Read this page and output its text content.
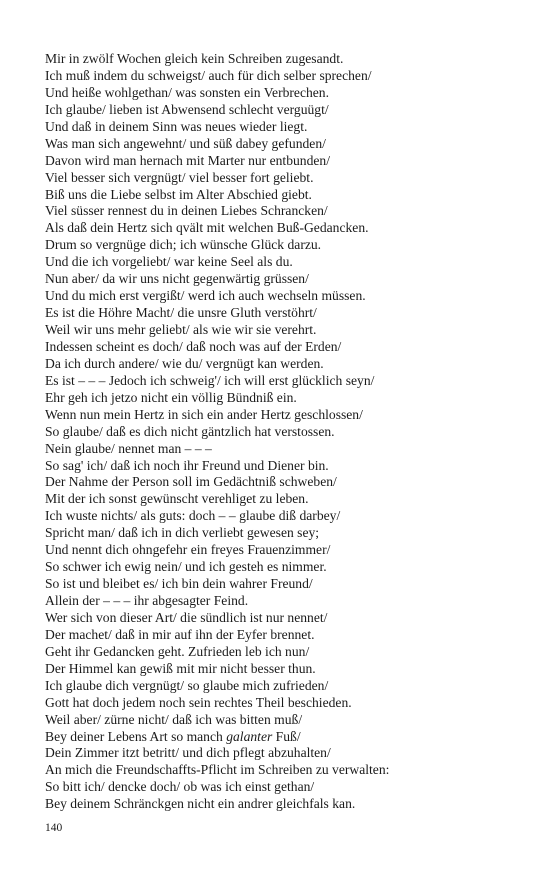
Mir in zwölf Wochen gleich kein Schreiben zugesandt.
Ich muß indem du schweigst/ auch für dich selber sprechen/
Und heiße wohlgethan/ was sonsten ein Verbrechen.
Ich glaube/ lieben ist Abwensend schlecht verguügt/
Und daß in deinem Sinn was neues wieder liegt.
Was man sich angewehnt/ und süß dabey gefunden/
Davon wird man hernach mit Marter nur entbunden/
Viel besser sich vergnügt/ viel besser fort geliebt.
Biß uns die Liebe selbst im Alter Abschied giebt.
Viel süsser rennest du in deinen Liebes Schrancken/
Als daß dein Hertz sich qvält mit welchen Buß-Gedancken.
Drum so vergnüge dich; ich wünsche Glück darzu.
Und die ich vorgeliebt/ war keine Seel als du.
Nun aber/ da wir uns nicht gegenwärtig grüssen/
Und du mich erst vergißt/ werd ich auch wechseln müssen.
Es ist die Höhre Macht/ die unsre Gluth verstöhrt/
Weil wir uns mehr geliebt/ als wie wir sie verehrt.
Indessen scheint es doch/ daß noch was auf der Erden/
Da ich durch andere/ wie du/ vergnügt kan werden.
Es ist – – – Jedoch ich schweig'/ ich will erst glücklich seyn/
Ehr geh ich jetzo nicht ein völlig Bündniß ein.
Wenn nun mein Hertz in sich ein ander Hertz geschlossen/
So glaube/ daß es dich nicht gäntzlich hat verstossen.
Nein glaube/ nennet man – – –
So sag' ich/ daß ich noch ihr Freund und Diener bin.
Der Nahme der Person soll im Gedächtniß schweben/
Mit der ich sonst gewünscht verehliget zu leben.
Ich wuste nichts/ als guts: doch – – glaube diß darbey/
Spricht man/ daß ich in dich verliebt gewesen sey;
Und nennt dich ohngefehr ein freyes Frauenzimmer/
So schwer ich ewig nein/ und ich gesteh es nimmer.
So ist und bleibet es/ ich bin dein wahrer Freund/
Allein der – – – ihr abgesagter Feind.
Wer sich von dieser Art/ die sündlich ist nur nennet/
Der machet/ daß in mir auf ihn der Eyfer brennet.
Geht ihr Gedancken geht. Zufrieden leb ich nun/
Der Himmel kan gewiß mit mir nicht besser thun.
Ich glaube dich vergnügt/ so glaube mich zufrieden/
Gott hat doch jedem noch sein rechtes Theil beschieden.
Weil aber/ zürne nicht/ daß ich was bitten muß/
Bey deiner Lebens Art so manch galanter Fuß/
Dein Zimmer itzt betritt/ und dich pflegt abzuhalten/
An mich die Freundschaffts-Pflicht im Schreiben zu verwalten:
So bitt ich/ dencke doch/ ob was ich einst gethan/
Bey deinem Schränckgen nicht ein andrer gleichfals kan.
140
